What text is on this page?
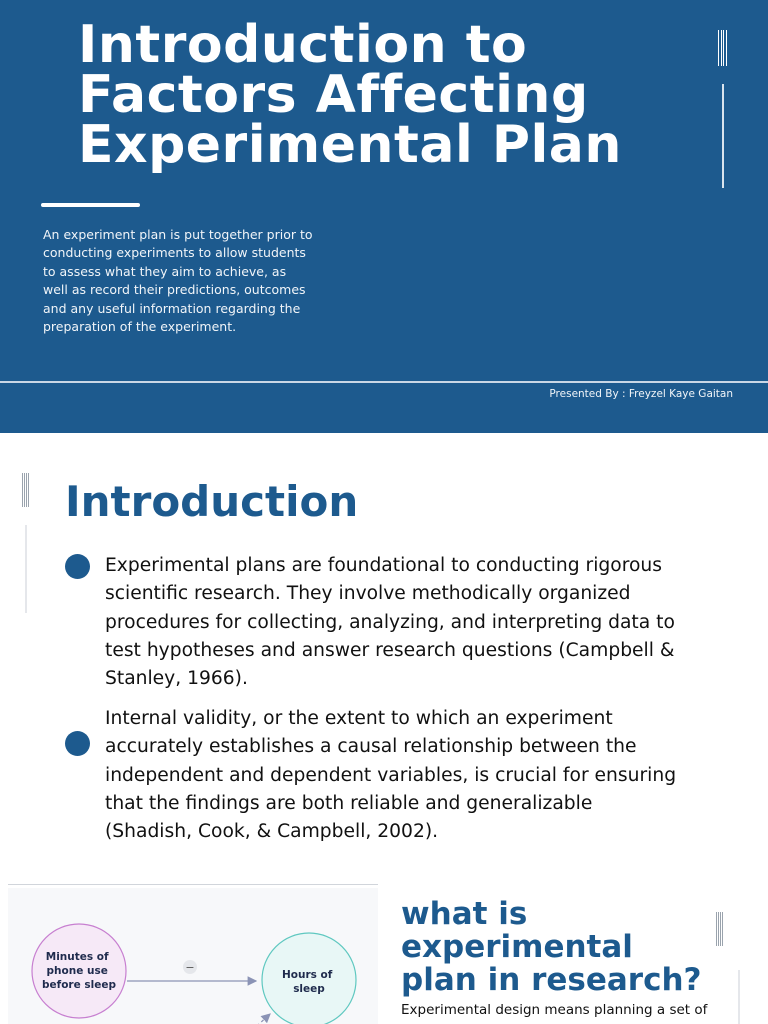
Introduction to
Factors Affecting
Experimental Plan

An experiment plan is put together prior to conducting experiments to allow students to assess what they aim to achieve, as well as record their predictions, outcomes and any useful information regarding the preparation of the experiment.

Presented By : Freyzel Kaye Gaitan
Introduction

Experimental plans are foundational to conducting rigorous scientific research. They involve methodically organized procedures for collecting, analyzing, and interpreting data to test hypotheses and answer research questions (Campbell & Stanley, 1966).

Internal validity, or the extent to which an experiment accurately establishes a causal relationship between the independent and dependent variables, is crucial for ensuring that the findings are both reliable and generalizable (Shadish, Cook, & Campbell, 2002).

Minutes of phone use before sleep
−
Hours of sleep
what is
experimental
plan in research?

Experimental design means planning a set of
